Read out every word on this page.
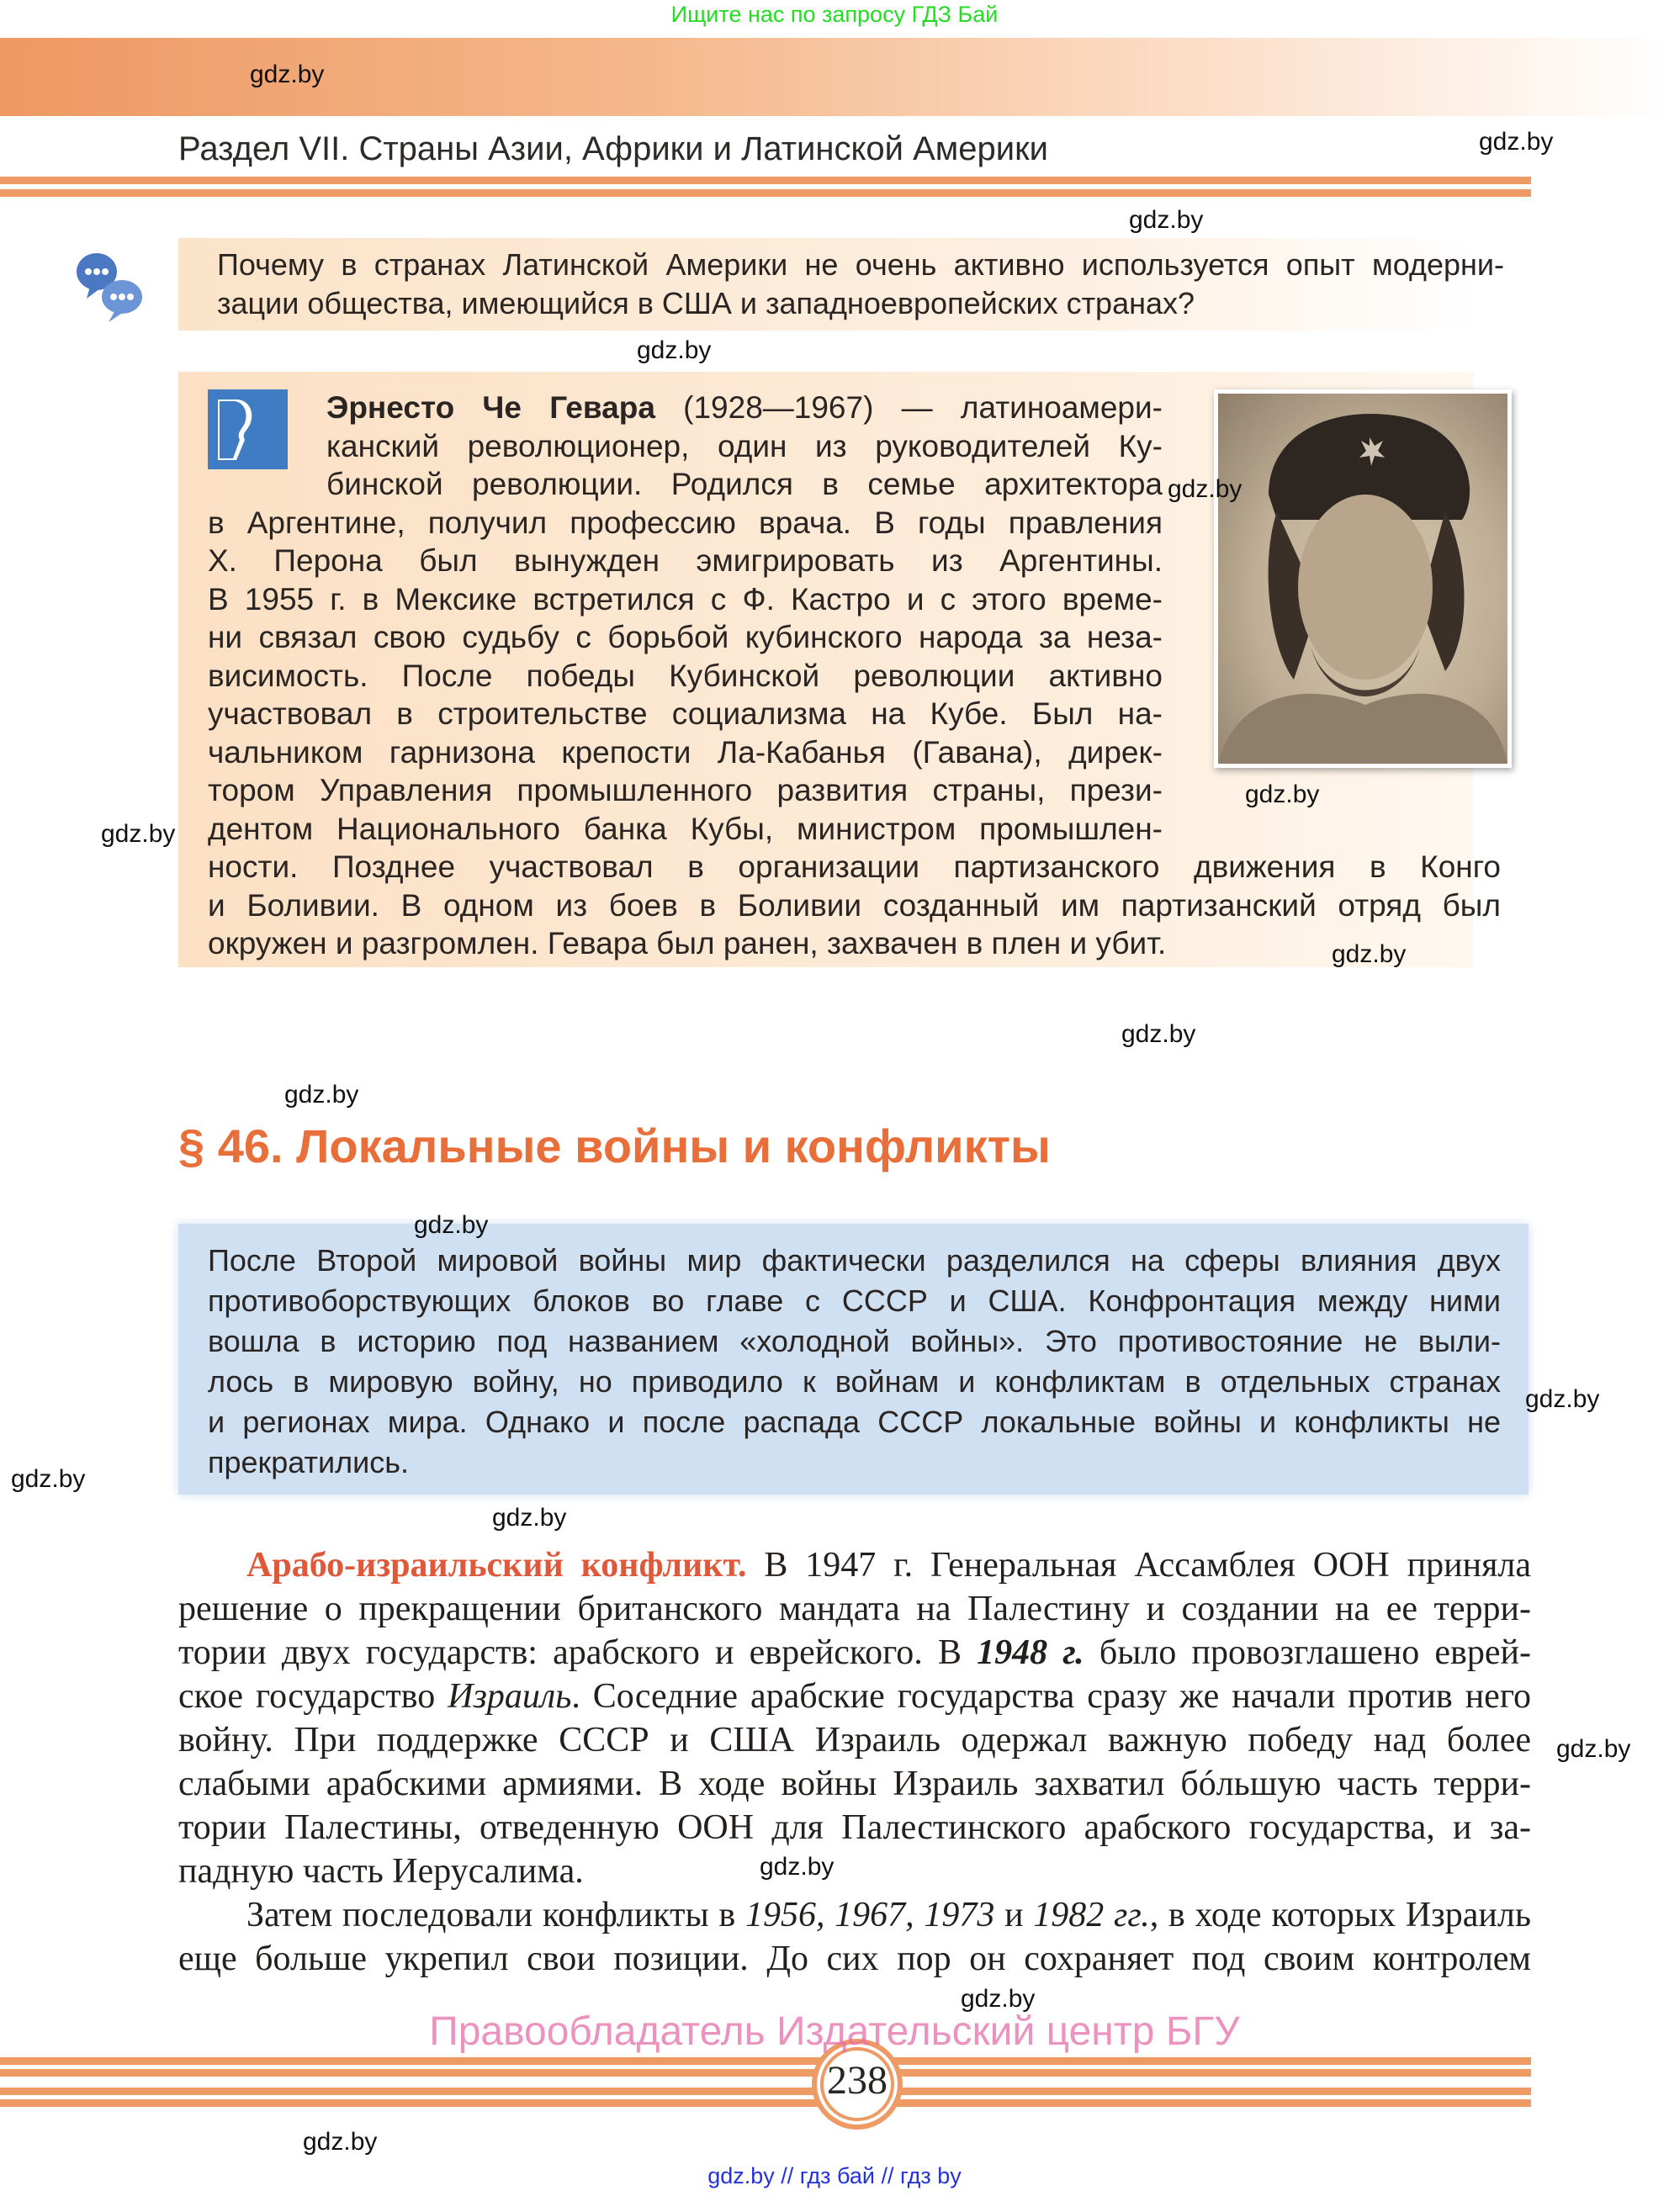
Ищите нас по запросу ГДЗ Бай
Раздел VII. Страны Азии, Африки и Латинской Америки
Почему в странах Латинской Америки не очень активно используется опыт модерни-
зации общества, имеющийся в США и западноевропейских странах?
Эрнесто Че Гевара (1928—1967) — латиноамери-
канский революционер, один из руководителей Ку-
бинской революции. Родился в семье архитектора
в Аргентине, получил профессию врача. В годы правления
Х. Перона был вынужден эмигрировать из Аргентины.
В 1955 г. в Мексике встретился с Ф. Кастро и с этого време-
ни связал свою судьбу с борьбой кубинского народа за неза-
висимость. После победы Кубинской революции активно
участвовал в строительстве социализма на Кубе. Был на-
чальником гарнизона крепости Ла-Кабанья (Гавана), дирек-
тором Управления промышленного развития страны, прези-
дентом Национального банка Кубы, министром промышлен-
ности. Позднее участвовал в организации партизанского движения в Конго
и Боливии. В одном из боев в Боливии созданный им партизанский отряд был
окружен и разгромлен. Гевара был ранен, захвачен в плен и убит.
§ 46. Локальные войны и конфликты
После Второй мировой войны мир фактически разделился на сферы влияния двух
противоборствующих блоков во главе с СССР и США. Конфронтация между ними
вошла в историю под названием «холодной войны». Это противостояние не выли-
лось в мировую войну, но приводило к войнам и конфликтам в отдельных странах
и регионах мира. Однако и после распада СССР локальные войны и конфликты не
прекратились.
Арабо-израильский конфликт. В 1947 г. Генеральная Ассамблея ООН приняла
решение о прекращении британского мандата на Палестину и создании на ее терри-
тории двух государств: арабского и еврейского. В 1948 г. было провозглашено еврей-
ское государство Израиль. Соседние арабские государства сразу же начали против него
войну. При поддержке СССР и США Израиль одержал важную победу над более
слабыми арабскими армиями. В ходе войны Израиль захватил бóльшую часть терри-
тории Палестины, отведенную ООН для Палестинского арабского государства, и за-
падную часть Иерусалима.
Затем последовали конфликты в 1956, 1967, 1973 и 1982 гг., в ходе которых Израиль
еще больше укрепил свои позиции. До сих пор он сохраняет под своим контролем
238
Правообладатель Издательский центр БГУ
gdz.by // гдз бай // гдз by
gdz.by
gdz.by
gdz.by
gdz.by
gdz.by
gdz.by
gdz.by
gdz.by
gdz.by
gdz.by
gdz.by
gdz.by
gdz.by
gdz.by
gdz.by
gdz.by
gdz.by
gdz.by
